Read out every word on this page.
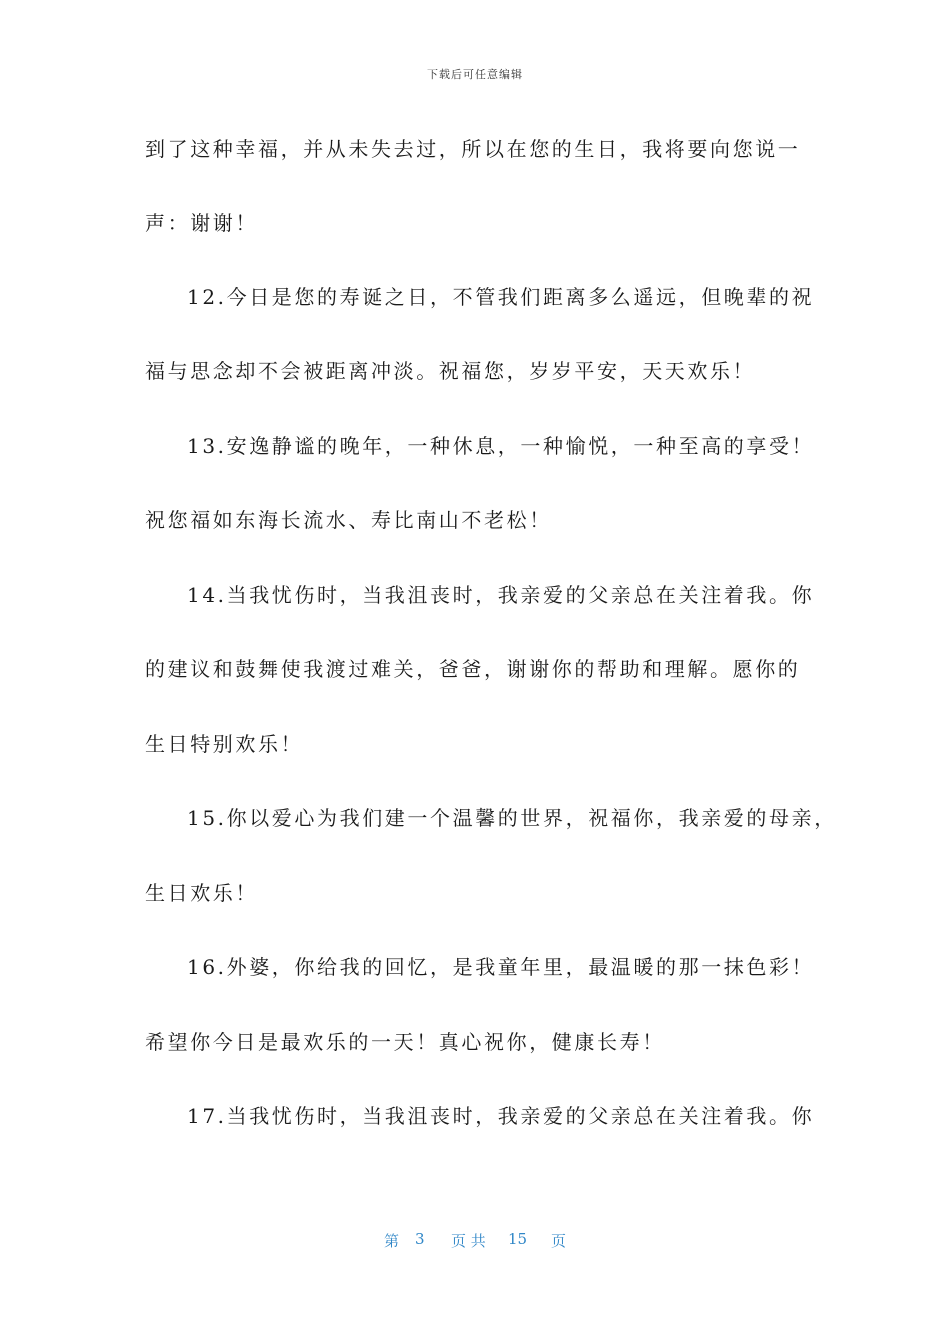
下载后可任意编辑
到了这种幸福，并从未失去过，所以在您的生日，我将要向您说一
声：谢谢！
12.今日是您的寿诞之日，不管我们距离多么遥远，但晚辈的祝
福与思念却不会被距离冲淡。祝福您，岁岁平安，天天欢乐！
13.安逸静谧的晚年，一种休息，一种愉悦，一种至高的享受！
祝您福如东海长流水、寿比南山不老松！
14.当我忧伤时，当我沮丧时，我亲爱的父亲总在关注着我。你
的建议和鼓舞使我渡过难关，爸爸，谢谢你的帮助和理解。愿你的
生日特别欢乐！
15.你以爱心为我们建一个温馨的世界，祝福你，我亲爱的母亲，
生日欢乐！
16.外婆，你给我的回忆，是我童年里，最温暖的那一抹色彩！
希望你今日是最欢乐的一天！真心祝你，健康长寿！
17.当我忧伤时，当我沮丧时，我亲爱的父亲总在关注着我。你
第 3 页 共 15 页
